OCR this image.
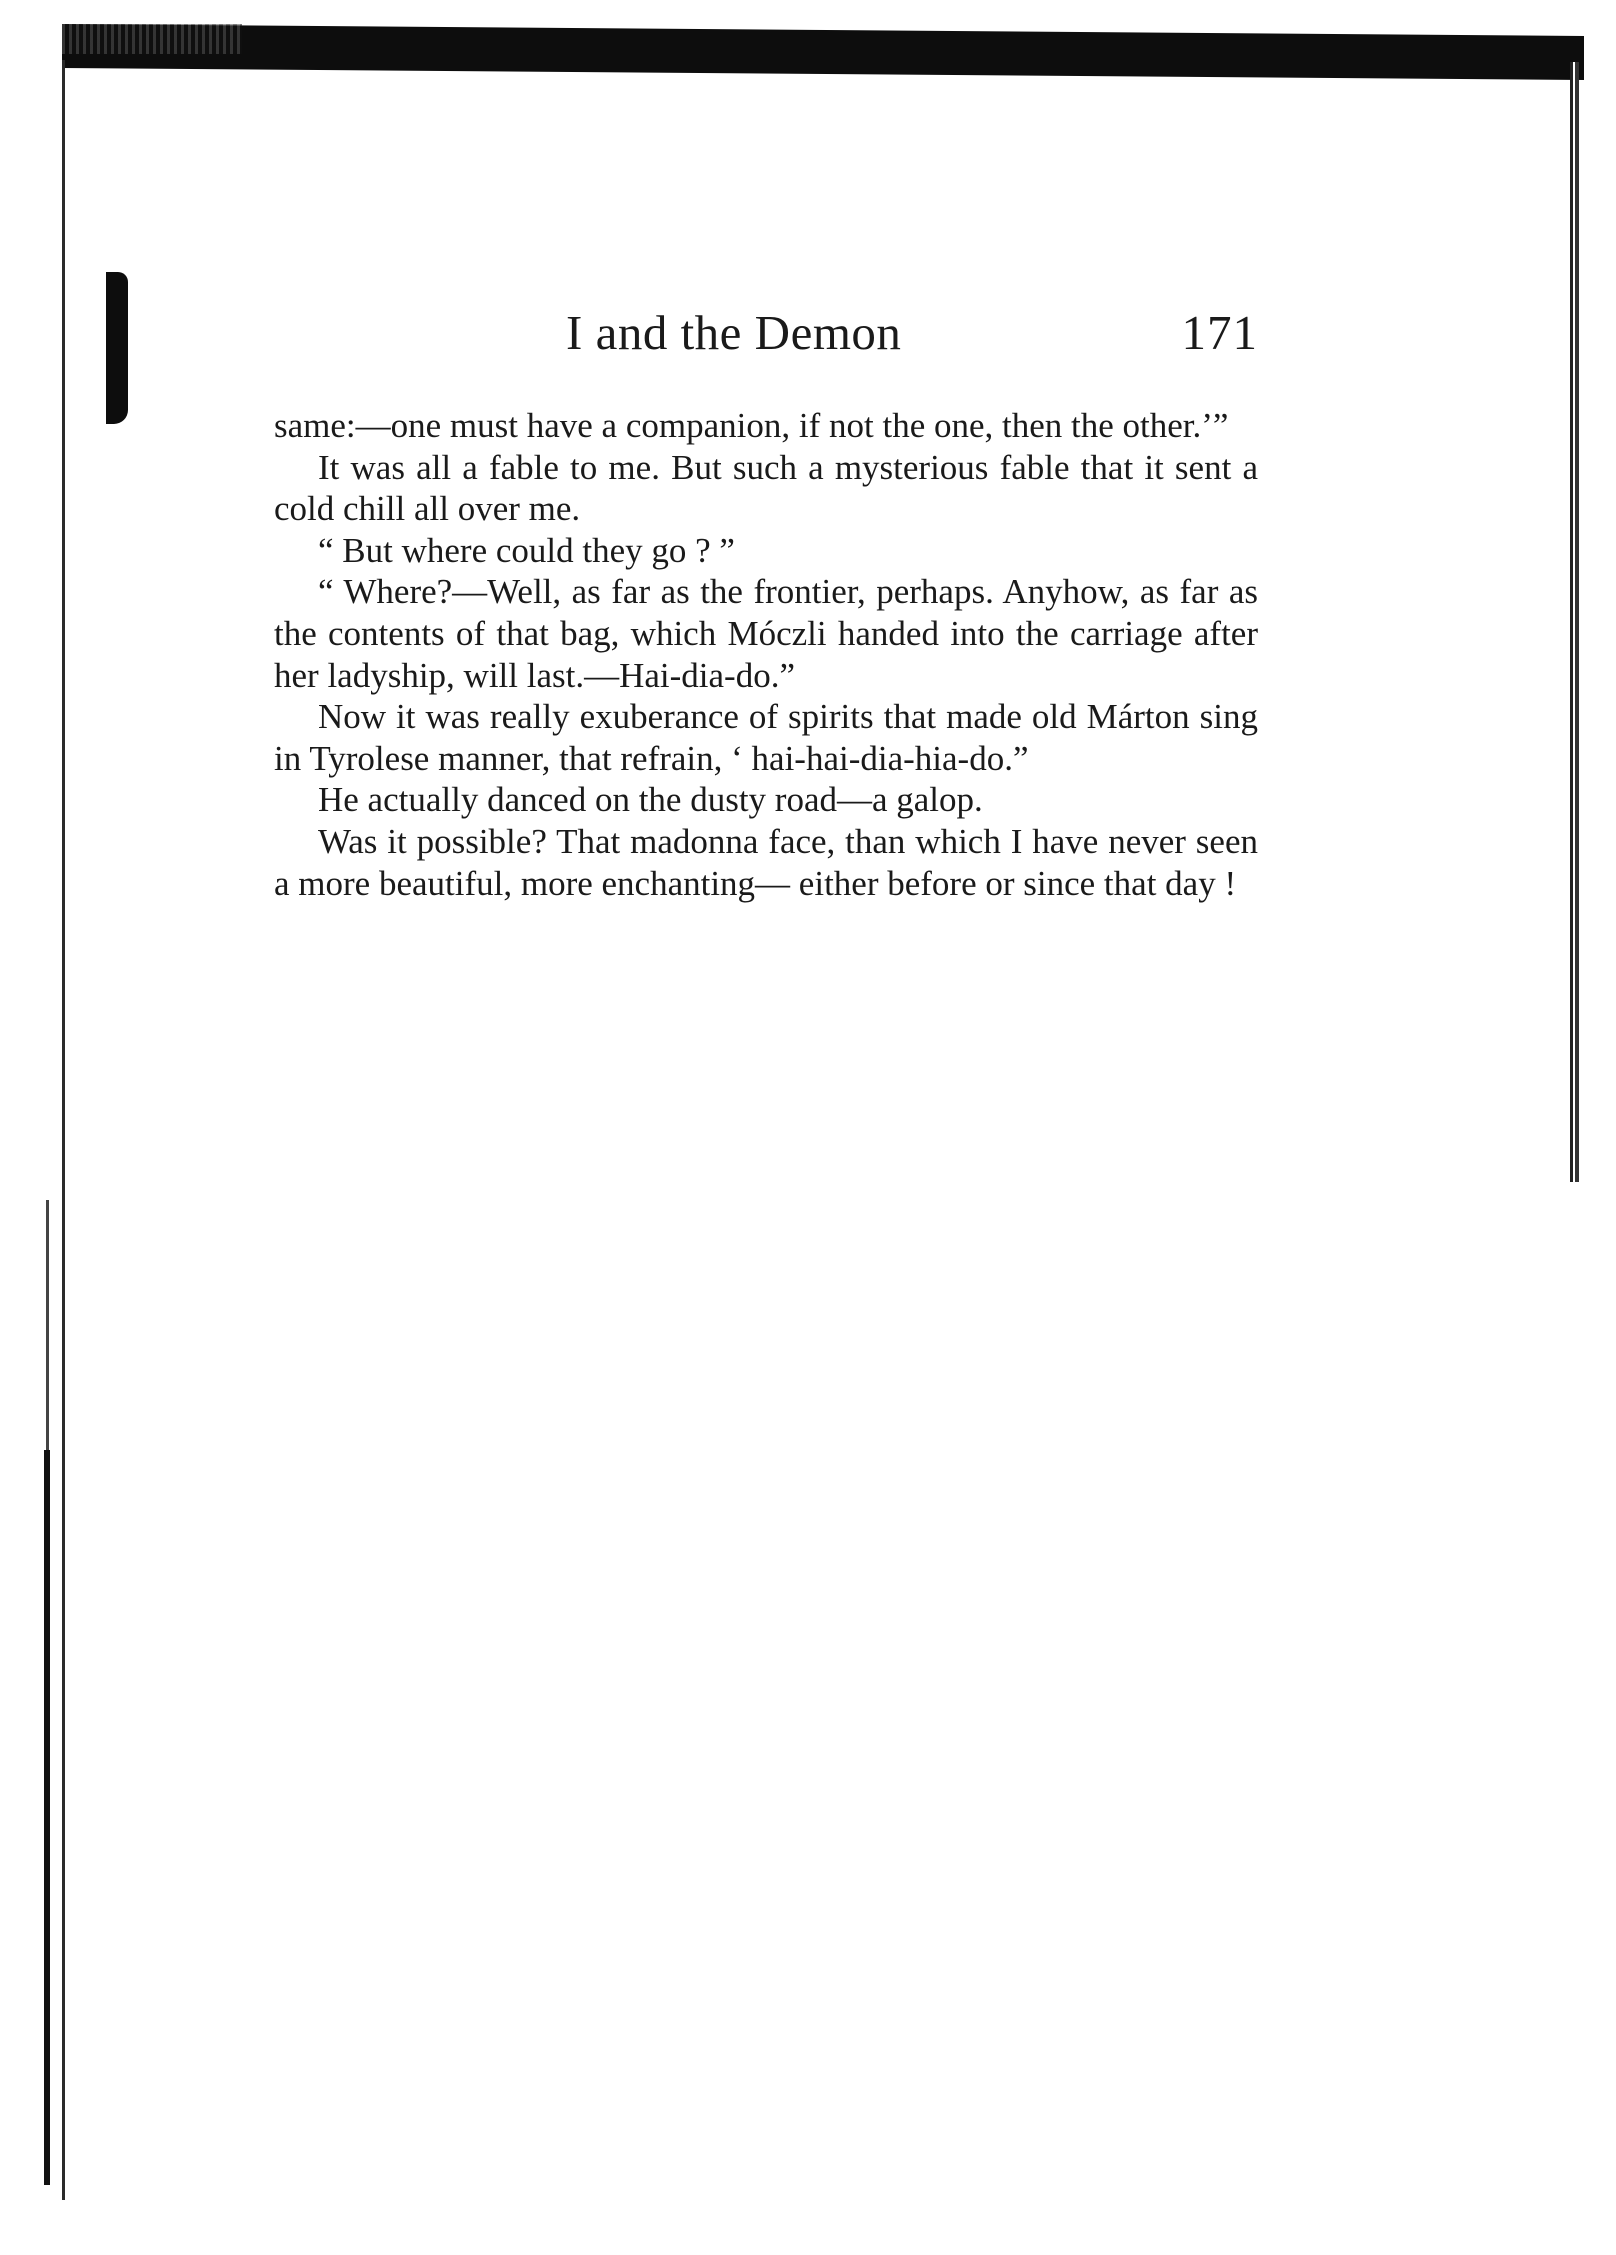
I and the Demon	171

same:—one must have a companion, if not the one, then the other.’”

It was all a fable to me. But such a mysterious fable that it sent a cold chill all over me.

“ But where could they go ? ”

“ Where?—Well, as far as the frontier, perhaps. Anyhow, as far as the contents of that bag, which Móczli handed into the carriage after her ladyship, will last.—Hai-dia-do.”

Now it was really exuberance of spirits that made old Márton sing in Tyrolese manner, that refrain, ‘ hai-hai-dia-hia-do.”

He actually danced on the dusty road—a galop.

Was it possible? That madonna face, than which I have never seen a more beautiful, more enchanting— either before or since that day !
